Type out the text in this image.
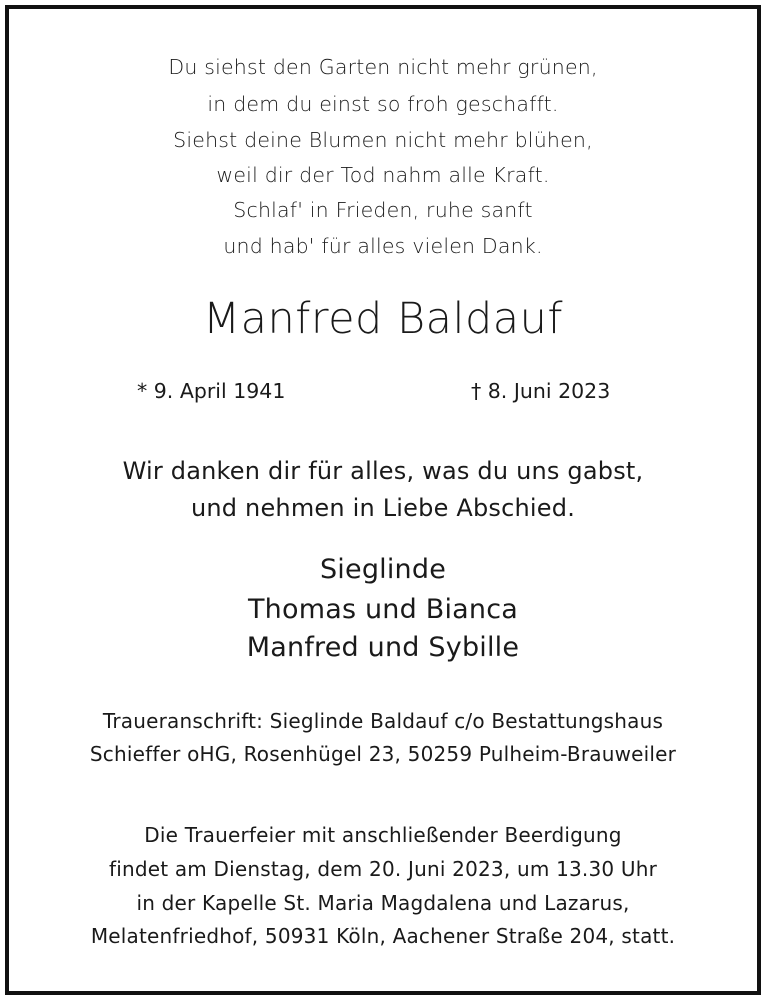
Du siehst den Garten nicht mehr grünen,
in dem du einst so froh geschafft.
Siehst deine Blumen nicht mehr blühen,
weil dir der Tod nahm alle Kraft.
Schlaf' in Frieden, ruhe sanft
und hab' für alles vielen Dank.
Manfred Baldauf
* 9. April 1941	† 8. Juni 2023
Wir danken dir für alles, was du uns gabst,
und nehmen in Liebe Abschied.
Sieglinde
Thomas und Bianca
Manfred und Sybille
Traueranschrift: Sieglinde Baldauf c/o Bestattungshaus
Schieffer oHG, Rosenhügel 23, 50259 Pulheim-Brauweiler
Die Trauerfeier mit anschließender Beerdigung
findet am Dienstag, dem 20. Juni 2023, um 13.30 Uhr
in der Kapelle St. Maria Magdalena und Lazarus,
Melatenfriedhof, 50931 Köln, Aachener Straße 204, statt.
